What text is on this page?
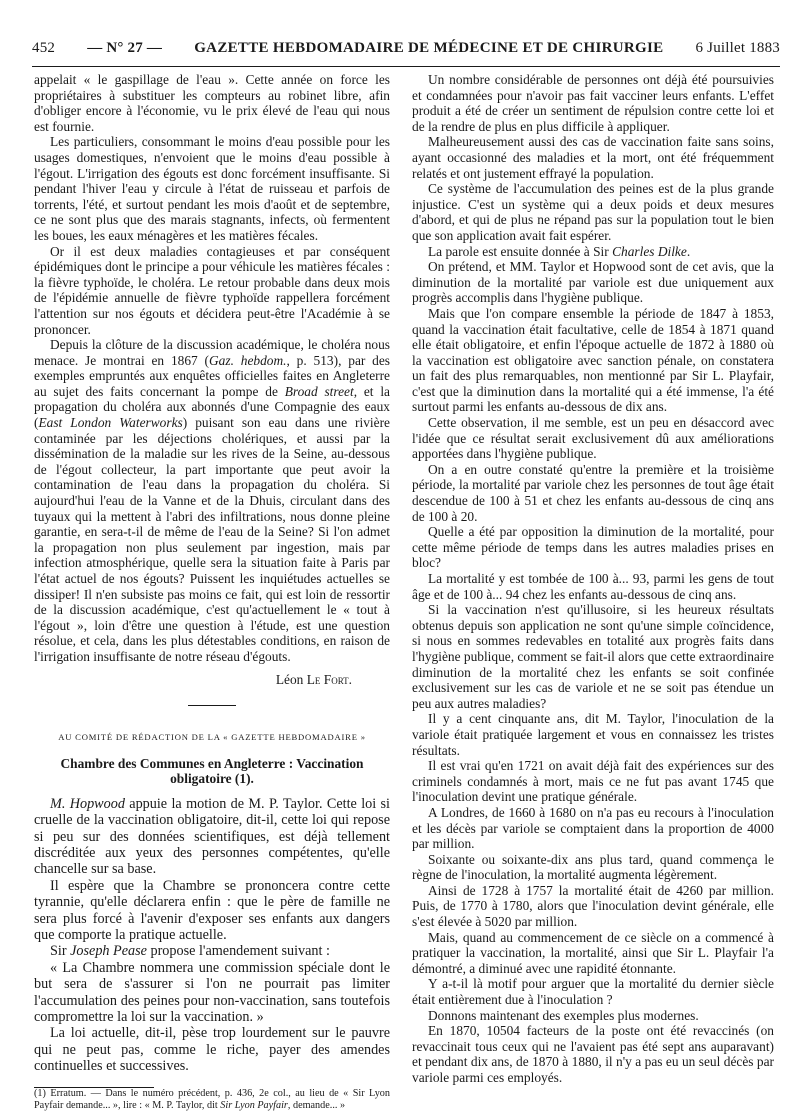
452 — N° 27 — GAZETTE HEBDOMADAIRE DE MÉDECINE ET DE CHIRURGIE 6 Juillet 1883

appelait « le gaspillage de l'eau ». Cette année on force les propriétaires à substituer les compteurs au robinet libre, afin d'obliger encore à l'économie, vu le prix élevé de l'eau qui nous est fournie.

Les particuliers, consommant le moins d'eau possible pour les usages domestiques, n'envoient que le moins d'eau possible à l'égout. L'irrigation des égouts est donc forcément insuffisante. Si pendant l'hiver l'eau y circule à l'état de ruisseau et parfois de torrents, l'été, et surtout pendant les mois d'août et de septembre, ce ne sont plus que des marais stagnants, infects, où fermentent les boues, les eaux ménagères et les matières fécales.

Or il est deux maladies contagieuses et par conséquent épidémiques dont le principe a pour véhicule les matières fécales : la fièvre typhoïde, le choléra. Le retour probable dans deux mois de l'épidémie annuelle de fièvre typhoïde rappellera forcément l'attention sur nos égouts et décidera peut-être l'Académie à se prononcer.

Depuis la clôture de la discussion académique, le choléra nous menace. Je montrai en 1867 (Gaz. hebdom., p. 513), par des exemples empruntés aux enquêtes officielles faites en Angleterre au sujet des faits concernant la pompe de Broad street, et la propagation du choléra aux abonnés d'une Compagnie des eaux (East London Waterworks) puisant son eau dans une rivière contaminée par les déjections cholériques, et aussi par la dissémination de la maladie sur les rives de la Seine, au-dessous de l'égout collecteur, la part importante que peut avoir la contamination de l'eau dans la propagation du choléra. Si aujourd'hui l'eau de la Vanne et de la Dhuis, circulant dans des tuyaux qui la mettent à l'abri des infiltrations, nous donne pleine garantie, en sera-t-il de même de l'eau de la Seine? Si l'on admet la propagation non plus seulement par ingestion, mais par infection atmosphérique, quelle sera la situation faite à Paris par l'état actuel de nos égouts? Puissent les inquiétudes actuelles se dissiper! Il n'en subsiste pas moins ce fait, qui est loin de ressortir de la discussion académique, c'est qu'actuellement le « tout à l'égout », loin d'être une question à l'étude, est une question résolue, et cela, dans les plus détestables conditions, en raison de l'irrigation insuffisante de notre réseau d'égouts.

Léon Le Fort.
AU COMITÉ DE RÉDACTION DE LA « GAZETTE HEBDOMADAIRE »
Chambre des Communes en Angleterre : Vaccination obligatoire (1).

M. Hopwood appuie la motion de M. P. Taylor. Cette loi si cruelle de la vaccination obligatoire, dit-il, cette loi qui repose si peu sur des données scientifiques, est déjà tellement discréditée aux yeux des personnes compétentes, qu'elle chancelle sur sa base.

Il espère que la Chambre se prononcera contre cette tyrannie, qu'elle déclarera enfin : que le père de famille ne sera plus forcé à l'avenir d'exposer ses enfants aux dangers que comporte la pratique actuelle.

Sir Joseph Pease propose l'amendement suivant :

« La Chambre nommera une commission spéciale dont le but sera de s'assurer si l'on ne pourrait pas limiter l'accumulation des peines pour non-vaccination, sans toutefois compromettre la loi sur la vaccination. »

La loi actuelle, dit-il, pèse trop lourdement sur le pauvre qui ne peut pas, comme le riche, payer des amendes continuelles et successives.

(1) Erratum. — Dans le numéro précédent, p. 436, 2e col., au lieu de « Sir Lyon Payfair demande... », lire : « M. P. Taylor, dit Sir Lyon Payfair, demande... »

Un nombre considérable de personnes ont déjà été poursuivies et condamnées pour n'avoir pas fait vacciner leurs enfants. L'effet produit a été de créer un sentiment de répulsion contre cette loi et de la rendre de plus en plus difficile à appliquer.

Malheureusement aussi des cas de vaccination faite sans soins, ayant occasionné des maladies et la mort, ont été fréquemment relatés et ont justement effrayé la population.

Ce système de l'accumulation des peines est de la plus grande injustice. C'est un système qui a deux poids et deux mesures d'abord, et qui de plus ne répand pas sur la population tout le bien que son application avait fait espérer.

La parole est ensuite donnée à Sir Charles Dilke.

On prétend, et MM. Taylor et Hopwood sont de cet avis, que la diminution de la mortalité par variole est due uniquement aux progrès accomplis dans l'hygiène publique.

Mais que l'on compare ensemble la période de 1847 à 1853, quand la vaccination était facultative, celle de 1854 à 1871 quand elle était obligatoire, et enfin l'époque actuelle de 1872 à 1880 où la vaccination est obligatoire avec sanction pénale, on constatera un fait des plus remarquables, non mentionné par Sir L. Playfair, c'est que la diminution dans la mortalité qui a été immense, l'a été surtout parmi les enfants au-dessous de dix ans.

Cette observation, il me semble, est un peu en désaccord avec l'idée que ce résultat serait exclusivement dû aux améliorations apportées dans l'hygiène publique.

On a en outre constaté qu'entre la première et la troisième période, la mortalité par variole chez les personnes de tout âge était descendue de 100 à 51 et chez les enfants au-dessous de cinq ans de 100 à 20.

Quelle a été par opposition la diminution de la mortalité, pour cette même période de temps dans les autres maladies prises en bloc?

La mortalité y est tombée de 100 à... 93, parmi les gens de tout âge et de 100 à... 94 chez les enfants au-dessous de cinq ans.

Si la vaccination n'est qu'illusoire, si les heureux résultats obtenus depuis son application ne sont qu'une simple coïncidence, si nous en sommes redevables en totalité aux progrès faits dans l'hygiène publique, comment se fait-il alors que cette extraordinaire diminution de la mortalité chez les enfants se soit confinée exclusivement sur les cas de variole et ne se soit pas étendue un peu aux autres maladies?

Il y a cent cinquante ans, dit M. Taylor, l'inoculation de la variole était pratiquée largement et vous en connaissez les tristes résultats.

Il est vrai qu'en 1721 on avait déjà fait des expériences sur des criminels condamnés à mort, mais ce ne fut pas avant 1745 que l'inoculation devint une pratique générale.

A Londres, de 1660 à 1680 on n'a pas eu recours à l'inoculation et les décès par variole se comptaient dans la proportion de 4000 par million.

Soixante ou soixante-dix ans plus tard, quand commença le règne de l'inoculation, la mortalité augmenta légèrement.

Ainsi de 1728 à 1757 la mortalité était de 4260 par million. Puis, de 1770 à 1780, alors que l'inoculation devint générale, elle s'est élevée à 5020 par million.

Mais, quand au commencement de ce siècle on a commencé à pratiquer la vaccination, la mortalité, ainsi que Sir L. Playfair l'a démontré, a diminué avec une rapidité étonnante.

Y a-t-il là motif pour arguer que la mortalité du dernier siècle était entièrement due à l'inoculation ?

Donnons maintenant des exemples plus modernes.

En 1870, 10504 facteurs de la poste ont été revaccinés (on revaccinait tous ceux qui ne l'avaient pas été sept ans auparavant) et pendant dix ans, de 1870 à 1880, il n'y a pas eu un seul décès par variole parmi ces employés.
